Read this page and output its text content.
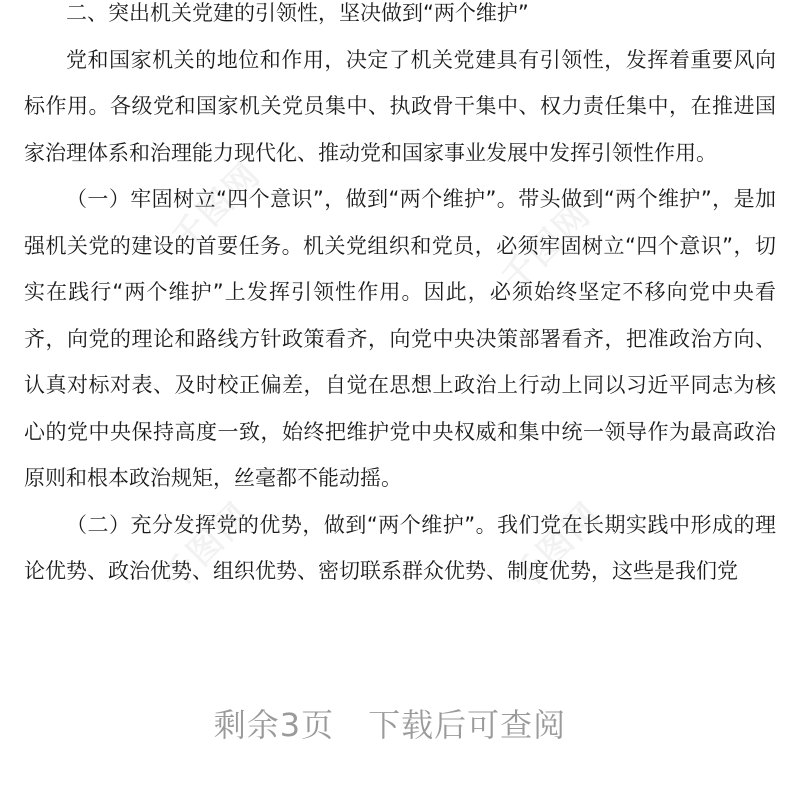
二、突出机关党建的引领性，坚决做到“两个维护”

党和国家机关的地位和作用，决定了机关党建具有引领性，发挥着重要风向标作用。各级党和国家机关党员集中、执政骨干集中、权力责任集中，在推进国家治理体系和治理能力现代化、推动党和国家事业发展中发挥引领性作用。

（一）牢固树立“四个意识”，做到“两个维护”。带头做到“两个维护”，是加强机关党的建设的首要任务。机关党组织和党员，必须牢固树立“四个意识”，切实在践行“两个维护”上发挥引领性作用。因此，必须始终坚定不移向党中央看齐，向党的理论和路线方针政策看齐，向党中央决策部署看齐，把准政治方向、认真对标对表、及时校正偏差，自觉在思想上政治上行动上同以习近平同志为核心的党中央保持高度一致，始终把维护党中央权威和集中统一领导作为最高政治原则和根本政治规矩，丝毫都不能动摇。

（二）充分发挥党的优势，做到“两个维护”。我们党在长期实践中形成的理论优势、政治优势、组织优势、密切联系群众优势、制度优势，这些是我们党

千图网	千图网
千图网	千图网
剩余3页 下载后可查阅
